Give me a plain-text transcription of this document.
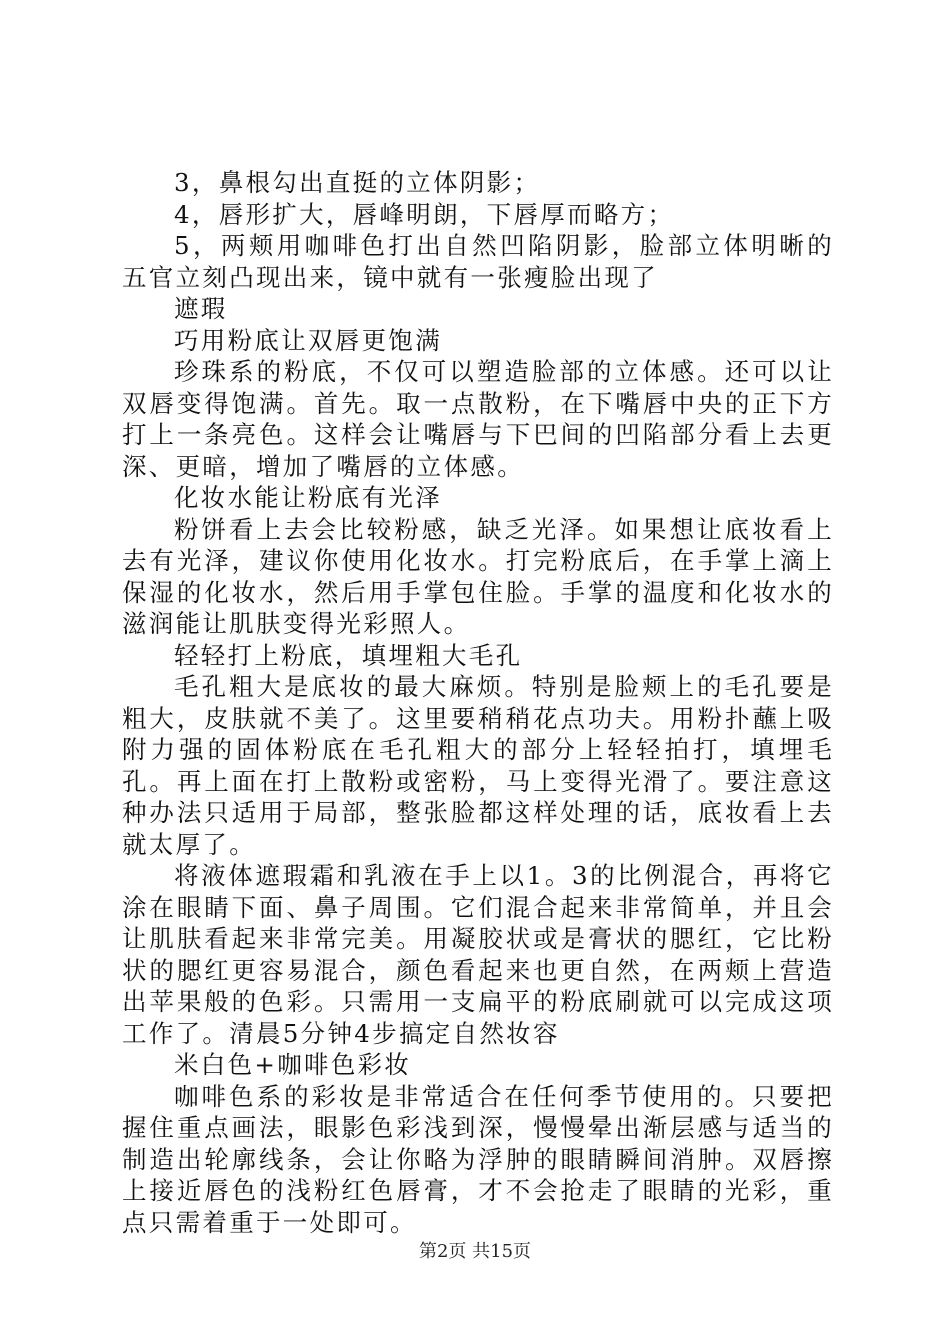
3，鼻根勾出直挺的立体阴影；

4，唇形扩大，唇峰明朗，下唇厚而略方；

5，两颊用咖啡色打出自然凹陷阴影，脸部立体明晰的五官立刻凸现出来，镜中就有一张瘦脸出现了

遮瑕

巧用粉底让双唇更饱满

珍珠系的粉底，不仅可以塑造脸部的立体感。还可以让双唇变得饱满。首先。取一点散粉，在下嘴唇中央的正下方打上一条亮色。这样会让嘴唇与下巴间的凹陷部分看上去更深、更暗，增加了嘴唇的立体感。

化妆水能让粉底有光泽

粉饼看上去会比较粉感，缺乏光泽。如果想让底妆看上去有光泽，建议你使用化妆水。打完粉底后，在手掌上滴上保湿的化妆水，然后用手掌包住脸。手掌的温度和化妆水的滋润能让肌肤变得光彩照人。

轻轻打上粉底，填埋粗大毛孔

毛孔粗大是底妆的最大麻烦。特别是脸颊上的毛孔要是粗大，皮肤就不美了。这里要稍稍花点功夫。用粉扑蘸上吸附力强的固体粉底在毛孔粗大的部分上轻轻拍打，填埋毛孔。再上面在打上散粉或密粉，马上变得光滑了。要注意这种办法只适用于局部，整张脸都这样处理的话，底妆看上去就太厚了。

将液体遮瑕霜和乳液在手上以1。3的比例混合，再将它涂在眼睛下面、鼻子周围。它们混合起来非常简单，并且会让肌肤看起来非常完美。用凝胶状或是膏状的腮红，它比粉状的腮红更容易混合，颜色看起来也更自然，在两颊上营造出苹果般的色彩。只需用一支扁平的粉底刷就可以完成这项工作了。清晨5分钟4步搞定自然妆容

米白色+咖啡色彩妆

咖啡色系的彩妆是非常适合在任何季节使用的。只要把握住重点画法，眼影色彩浅到深，慢慢晕出渐层感与适当的制造出轮廓线条，会让你略为浮肿的眼睛瞬间消肿。双唇擦上接近唇色的浅粉红色唇膏，才不会抢走了眼睛的光彩，重点只需着重于一处即可。

第2页 共15页
